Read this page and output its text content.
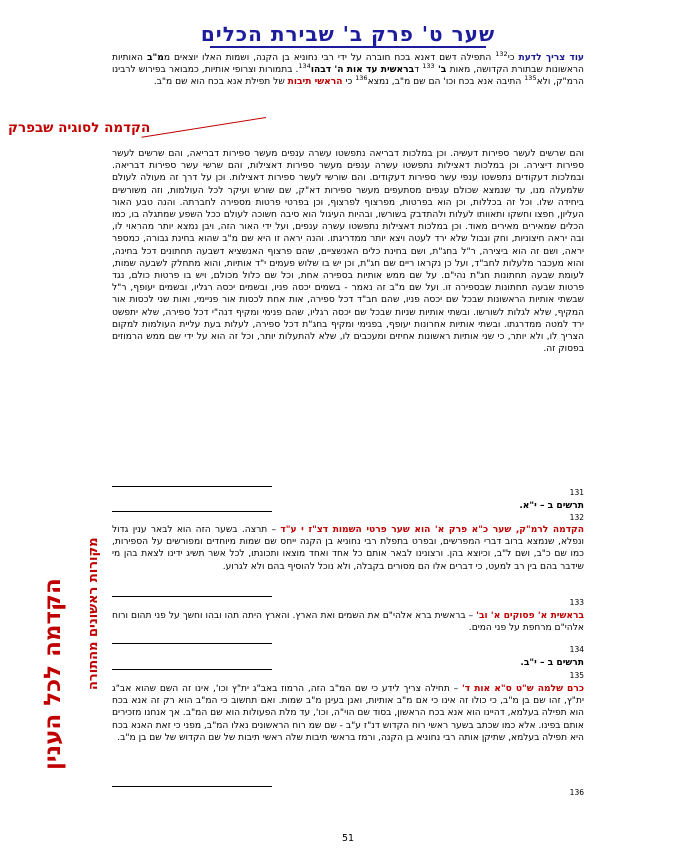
שער ט' פרק ב' שבירת הכלים
הקדמה לסוגיה שבפרק
הקדמה לכל הענין מקורות ראשונים מהתורה
עוד צריך לדעת כי$^{132}$ התפילה דשם דאנא בכח חוברה על ידי רבי נחוניא בן הקנה, ושמות האלו יוצאים ממ"ב האותיות הראשונות שבתורת הקדושה, מאות ב' $^{133}$ דבראשית עד אות ה' דבהו$^{134}$. בתמורות וצרופי אותיות, כמבואר בפירוש לרבינו הרמ"ק, ולא$^{135}$ התיבה אנא בכח וכו' הם שם מ"ב, נמצא$^{136}$ כי הראשי תיבות של תפילת אנא בכח הוא שם מ"ב.
והם שרשים לעשר ספירות דעשיה. וכן במלכות דבריאה נתפשטו עשרה ענפים מעשר ספירות דבריאה, והם שרשים לעשר ספירות דיצירה. וכן במלכות דאצילות נתפשטו עשרה ענפים מעשר ספירות דאצילות, והם שרשי עשר ספירות דבריאה. ובמלכות דעקודים נתפשטו ענפי עשר ספירות דעקודים. והם שורשי לעשר ספירות דאצילות. וכן על דרך זה מעולה לעולם שלמעלה מנו, עד שנמצא שכולם עגפים מסתעפים מעשר ספירות דא"ק, שם שורש ועיקר לכל העולמות, וזה משורשים ביחידה שלו. וכל זה בכללות, וכן הוא בפרטות, מפרצוף לפרצוף, וכן בפרטי פרטות מספירה לחברתה. והנה טבע האור העליון, חפצו וחשקו ותאוותו לעלות ולהתדבק בשורשו, ובהיות העיגול הוא סיבה חשוכה לעולם ככל השפע שמתגלה בו, כמו הכלים שמאירים מאירים מאוד. וכן במלכות דאצילות נתפשטו עשרה ענפים, ועל ידי האור הזה, ויבן נמצא יותר מהראוי לו, ובה יראה חיצוניות, וחק וגבול שלא ירד לעטה ויצא יותר ממדריגתו. והנה יראה זו היא שם מ"ב שהוא בחינת גבורה, כמספר יראה, ושם זה הוא ביצירה, ר"ל בחג"ת, ושם בחינת כלים האנשציים, שהם פרצוף האנשציא דשבעה תחתונים דכל בחינה, והוא מעכבר מלעלות לחב"ד, ועל כן נקראו ריים שם חג"ת, וכן יש בו שלוש פעמים י"ד אותיות, והוא מתחלק לשבעה שמות, לעומת שבעה תחתונות חג"ת נהי"ם. על שם ממש אותיות בספירה אחת, וכל שם כלול מכולם, ויש בו פרטות כולם, נגד פרטות שבעה תחתונות שבספירה זו. ועל שם מ"ב זה נאמר - בשמים יכסה פניו, ובשמים יכסה רגליו, ובשמים יעופף, ר"ל שבשתי אותיות הראשונות שבכל שם יכסה פניו, שהם חב"ד דכל ספירה, אות אחת לכסות אור פניימי, ואות שני לכסות אור המקיף, שלא לגלות לשורשו. ובשתי אותיות שניות שבכל שם יכסה רגליו, שהם פנימי ומקיף דנה"י דכל ספירה, שלא יתפשט ירד למטה ממדרגתו. ובשתי אותיות אחרונות יעופף, בפנימי ומקיף בחג"ת דכל ספירה, לעלות בעת עליית העולמות למקום הצריך לו, ולא יותר, כי שני אותיות ראשונות אחיזים ומעכבים לו, שלא להתעלות יותר, וכל זה הוא על ידי שם ממש הרמוזים בפסוק זה.
131
תרשים ב – י"א.
132
הקדמה לרמ"ק, שער כ"א פרק א' הוא שער פרטי השמות דצ"ז י ע"ד – תרצה. בשער הזה הוא לבאר ענין גדול ונפלא, שנמצא ברוב דברי המפרשים, ובפרט בתפלת רבי נחוניא בן הקנה ייחס שם שמות מיוחדים ומפורשים על הספירות, כמו שם כ"ב, ושם ל"ב, וכיוצא בהן. ורצונינו לבאר אותם כל אחד ואחד מוצאו ותכונתו, לכל אשר תשיג ידינו לצאת בהן מי שידבר בהם בין רב למעט, כי דברים אלו הם מסורים בקבלה, ולא נוכל להוסיף בהם ולא לגרוע.
133
בראשית א' פסוקים א' וב' – בראשית ברא אלהי"ם את השמים ואת הארץ. והארץ היתה תהו ובהו וחשך על פני תהום ורוח אלהי"ם מרחפת על פני המים.
134
תרשים ב – י"ב.
135
כרם שלמה ש"ט ס"א אות ד' – תחילה צריך לידע כי שם המ"ב הזה, הרמוז באב"ג ית"ץ וכו', אינו זה השם שהוא אב"ג ית"ץ, זהו שם בן מ"ב, כי כולו זה אינו כי אם מ"ב אותיות, ואנן בעינן מ"ב שמות. ואם תחשוב כי המ"ב הוא רק זה אנא בכח הוא תפילה בעלמא, דהיינו הוא אנא בכח הראשון, בסוד שם הוי"ה, וכו', עד מלת הפעולות הוא שם המ"ב. אך אנחנו מזכירים אותם בפינו. אלא כמו שכתב בשער ראשי רוח הקדוש דנ"ז ע"ב - שם שמ רוח הראשונים נאלו המ"ב, מפני כי זאת האנא בכח היא תפילה בעלמא, שתיקן אותה רבי נחוניא בן הקנה, ורמז בראשי תיבות שלה ראשי תיבות של שם הקדוש של שם בן מ"ב.
136
51
